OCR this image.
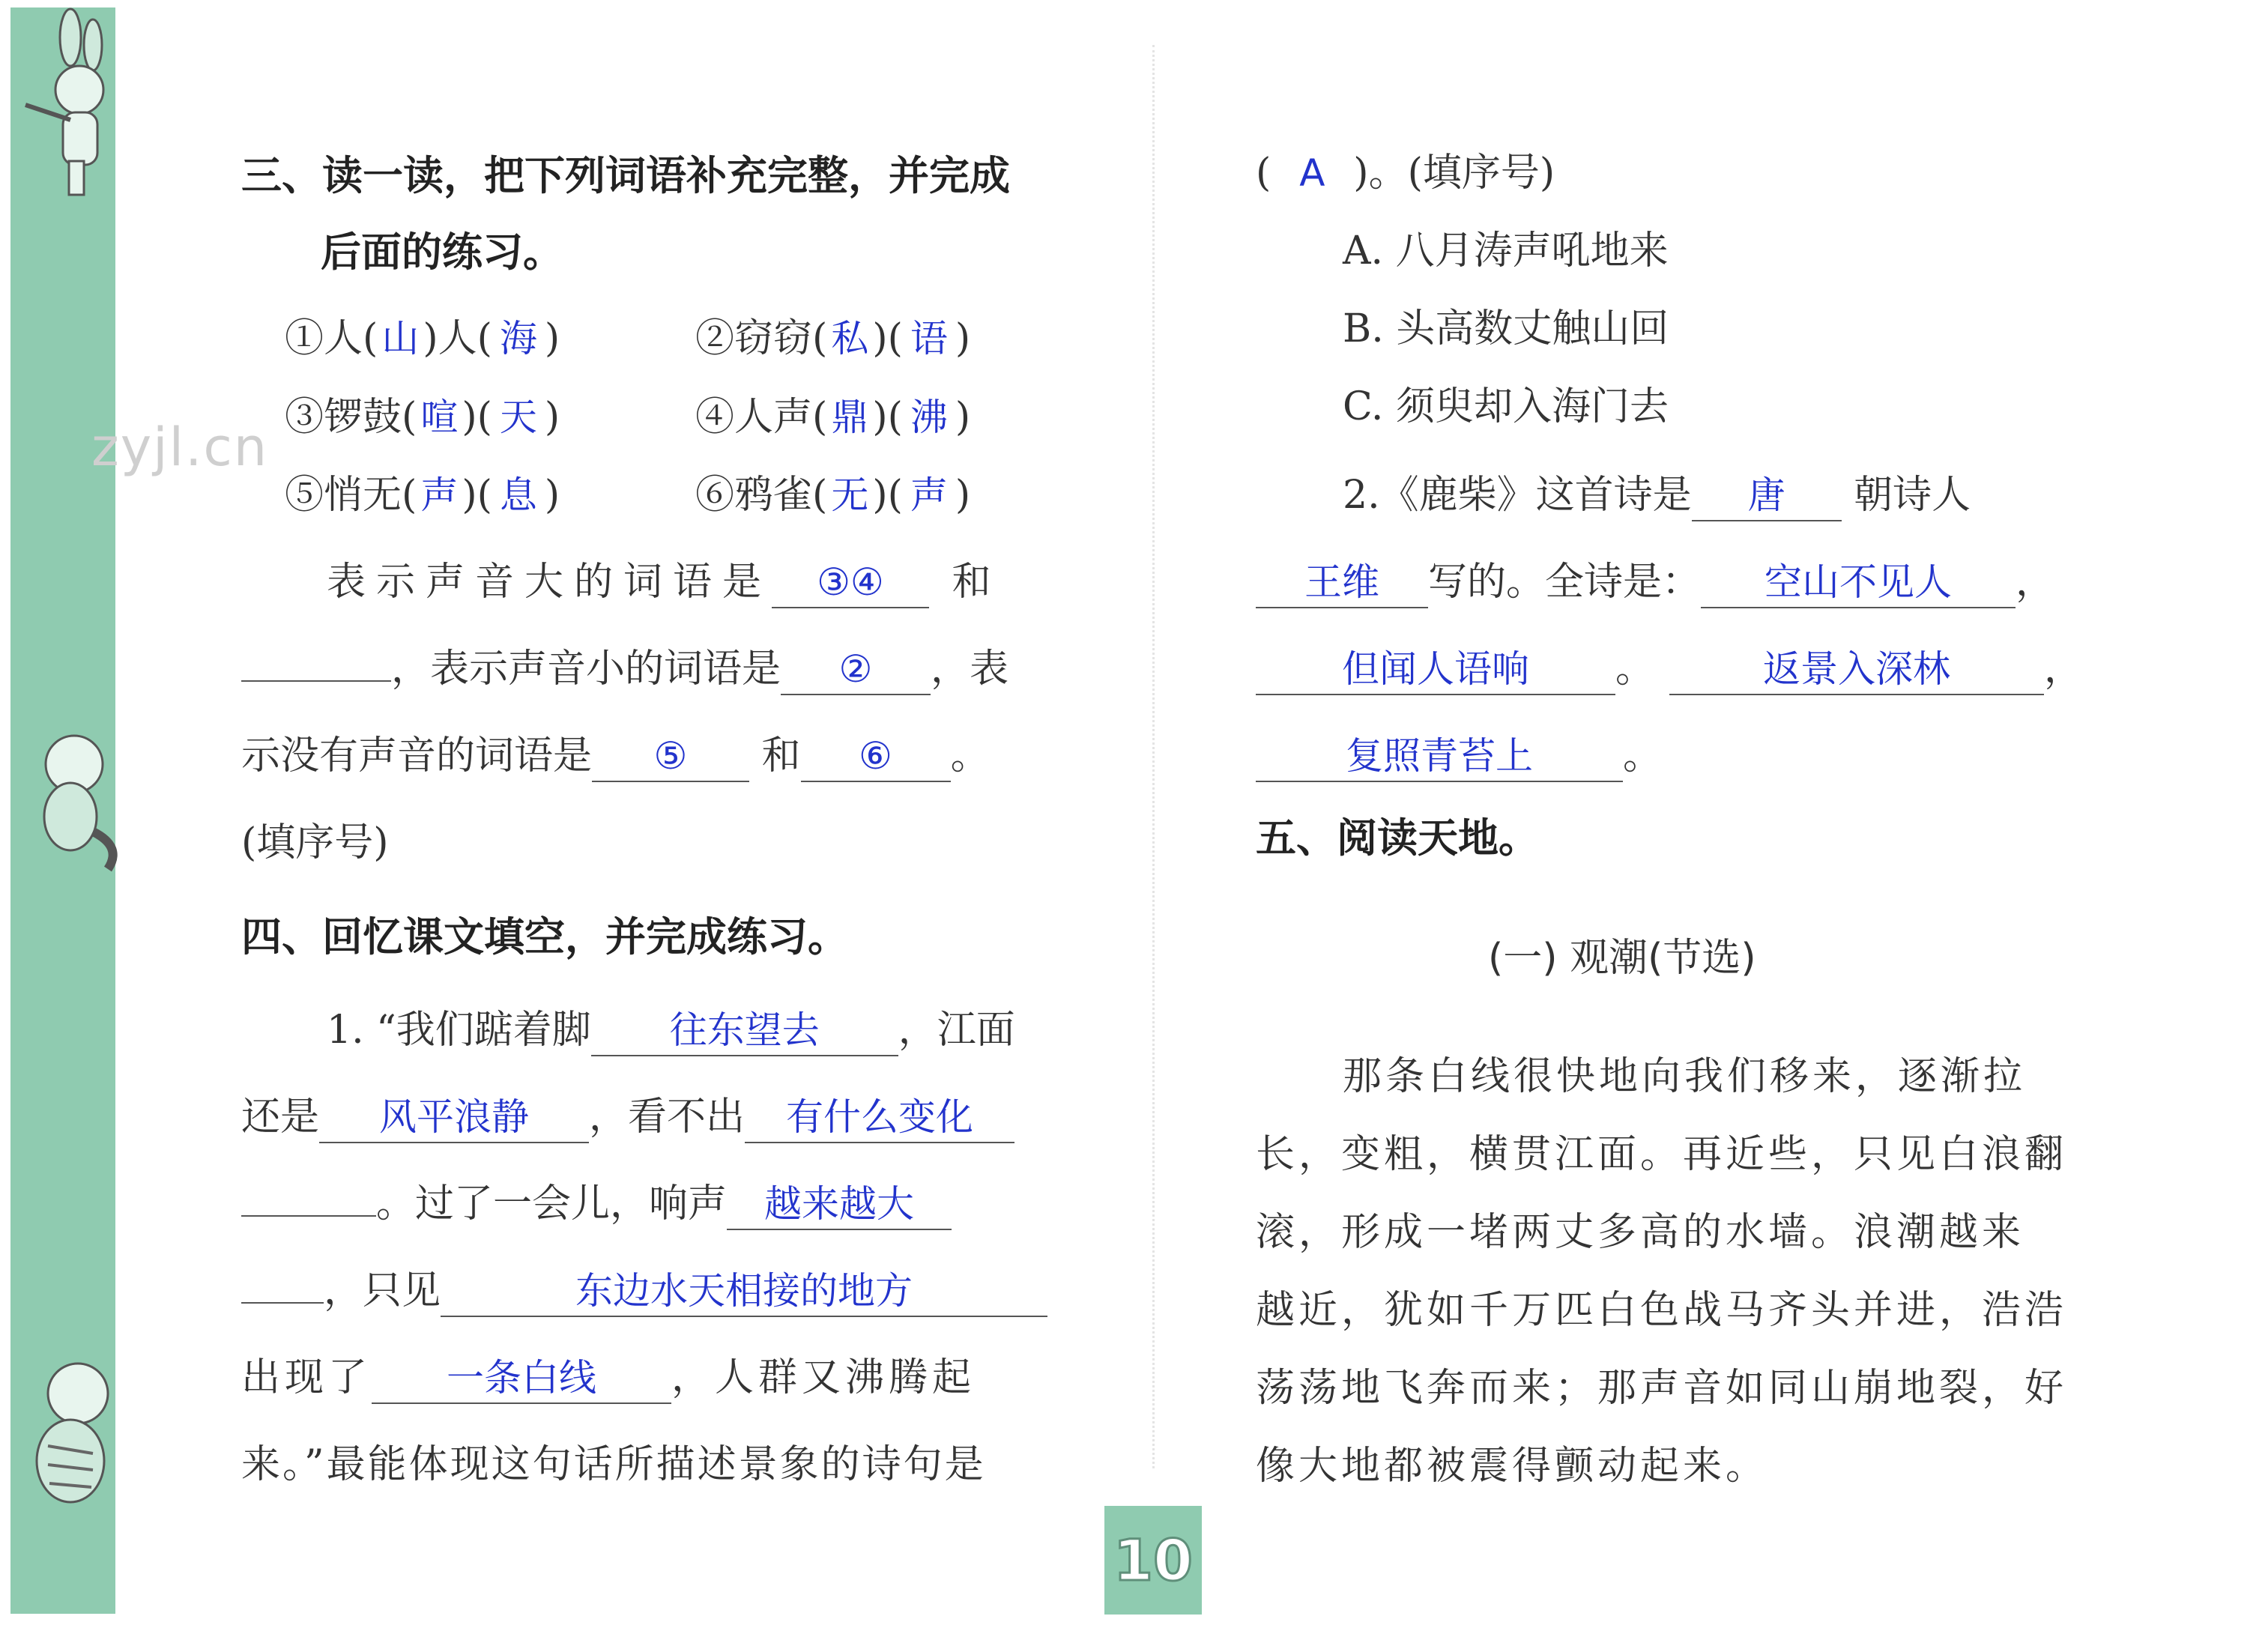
zyjl.cn
10
三、读一读，把下列词语补充完整，并完成
后面的练习。
①人( 山)人( 海 )	②窃窃( 私)( 语 )
③锣鼓( 喧)( 天 )	④人声( 鼎)( 沸 )
⑤悄无( 声)( 息 )	⑥鸦雀( 无)( 声 )
表示声音大的词语是 ③④ 和
，表示声音小的词语是 ② ，表
示没有声音的词语是 ⑤ 和 ⑥ 。
(填序号)
四、回忆课文填空，并完成练习。
1. “我们踮着脚 往东望去 ，江面
还是 风平浪静 ，看不出 有什么变化
。过了一会儿，响声 越来越大
，只见	东边水天相接的地方
出现了 一条白线 ，人群又沸腾起
来。”最能体现这句话所描述景象的诗句是
( A )。(填序号)
A. 八月涛声吼地来
B. 头高数丈触山回
C. 须臾却入海门去
2.《鹿柴》这首诗是 唐 朝诗人
王维 写的。全诗是： 空山不见人 ，
但闻人语响 。	返景入深林 ，
复照青苔上 。
五、阅读天地。
(一) 观潮(节选)
那条白线很快地向我们移来，逐渐拉
长，变粗，横贯江面。再近些，只见白浪翻
滚，形成一堵两丈多高的水墙。浪潮越来
越近，犹如千万匹白色战马齐头并进，浩浩
荡荡地飞奔而来；那声音如同山崩地裂，好
像大地都被震得颤动起来。
